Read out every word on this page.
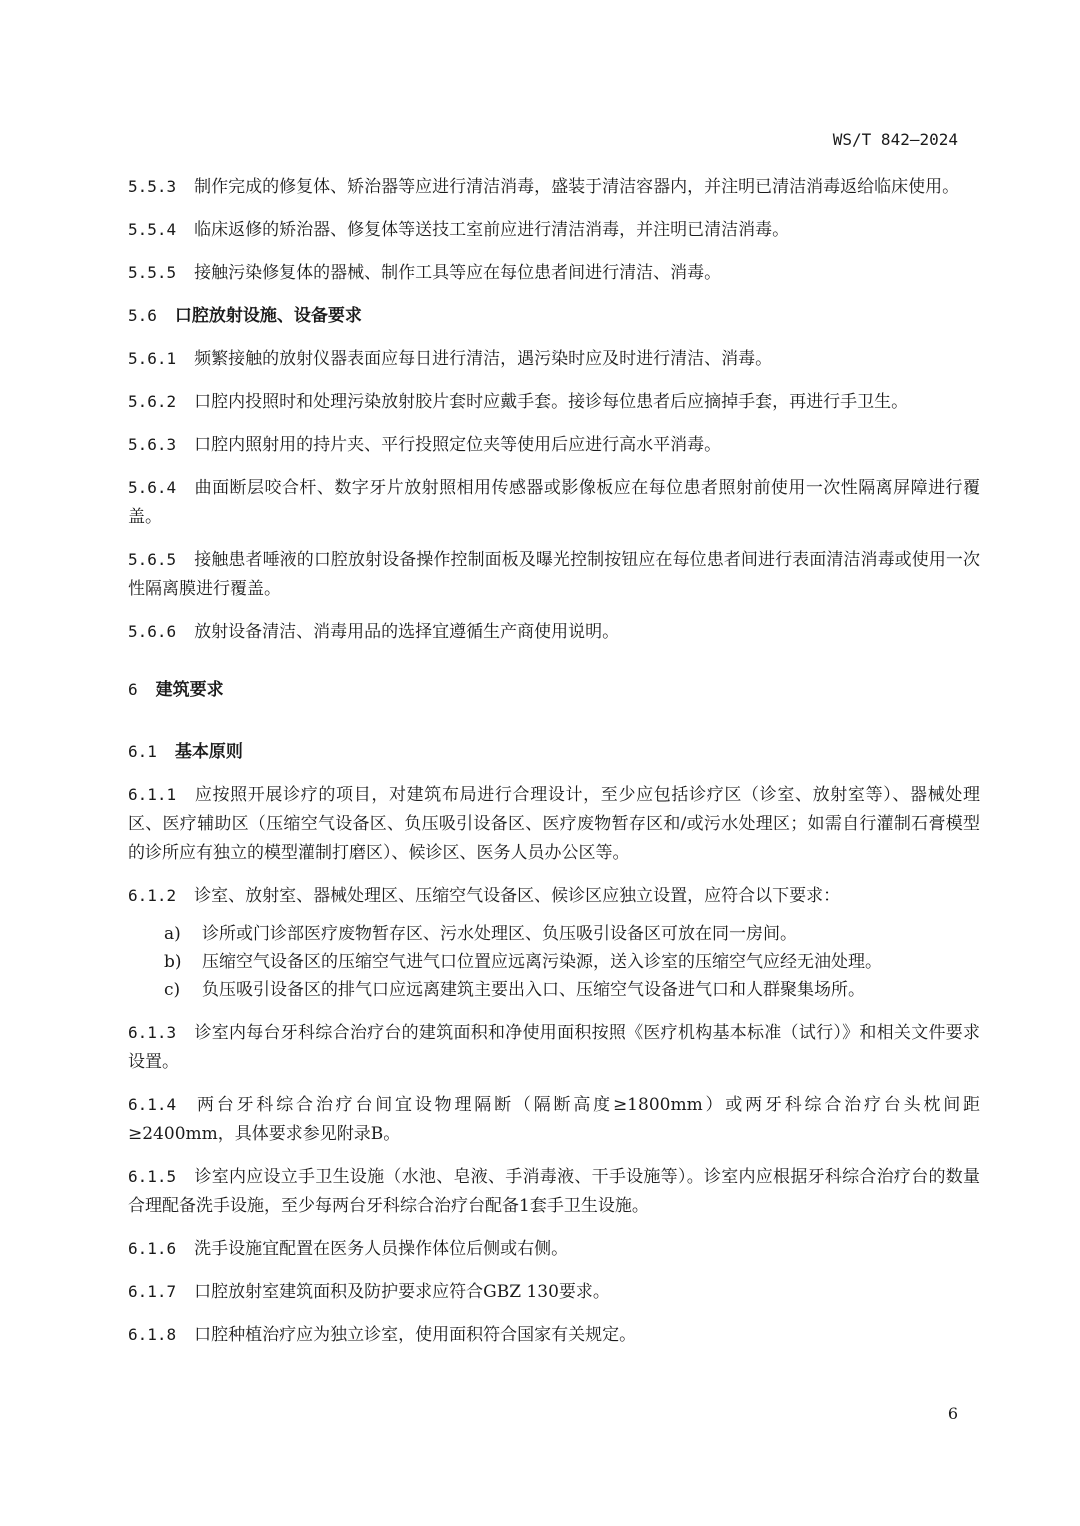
WS/T 842—2024

5.5.3 制作完成的修复体、矫治器等应进行清洁消毒，盛装于清洁容器内，并注明已清洁消毒返给临床使用。

5.5.4 临床返修的矫治器、修复体等送技工室前应进行清洁消毒，并注明已清洁消毒。

5.5.5 接触污染修复体的器械、制作工具等应在每位患者间进行清洁、消毒。

5.6 口腔放射设施、设备要求

5.6.1 频繁接触的放射仪器表面应每日进行清洁，遇污染时应及时进行清洁、消毒。

5.6.2 口腔内投照时和处理污染放射胶片套时应戴手套。接诊每位患者后应摘掉手套，再进行手卫生。

5.6.3 口腔内照射用的持片夹、平行投照定位夹等使用后应进行高水平消毒。

5.6.4 曲面断层咬合杆、数字牙片放射照相用传感器或影像板应在每位患者照射前使用一次性隔离屏障进行覆盖。

5.6.5 接触患者唾液的口腔放射设备操作控制面板及曝光控制按钮应在每位患者间进行表面清洁消毒或使用一次性隔离膜进行覆盖。

5.6.6 放射设备清洁、消毒用品的选择宜遵循生产商使用说明。

6 建筑要求

6.1 基本原则

6.1.1 应按照开展诊疗的项目，对建筑布局进行合理设计，至少应包括诊疗区（诊室、放射室等）、器械处理区、医疗辅助区（压缩空气设备区、负压吸引设备区、医疗废物暂存区和/或污水处理区；如需自行灌制石膏模型的诊所应有独立的模型灌制打磨区）、候诊区、医务人员办公区等。

6.1.2 诊室、放射室、器械处理区、压缩空气设备区、候诊区应独立设置，应符合以下要求：

a) 诊所或门诊部医疗废物暂存区、污水处理区、负压吸引设备区可放在同一房间。
b) 压缩空气设备区的压缩空气进气口位置应远离污染源，送入诊室的压缩空气应经无油处理。
c) 负压吸引设备区的排气口应远离建筑主要出入口、压缩空气设备进气口和人群聚集场所。

6.1.3 诊室内每台牙科综合治疗台的建筑面积和净使用面积按照《医疗机构基本标准（试行）》和相关文件要求设置。

6.1.4 两台牙科综合治疗台间宜设物理隔断（隔断高度≥1800mm）或两牙科综合治疗台头枕间距≥2400mm，具体要求参见附录B。

6.1.5 诊室内应设立手卫生设施（水池、皂液、手消毒液、干手设施等）。诊室内应根据牙科综合治疗台的数量合理配备洗手设施，至少每两台牙科综合治疗台配备1套手卫生设施。

6.1.6 洗手设施宜配置在医务人员操作体位后侧或右侧。

6.1.7 口腔放射室建筑面积及防护要求应符合GBZ 130要求。

6.1.8 口腔种植治疗应为独立诊室，使用面积符合国家有关规定。

6
